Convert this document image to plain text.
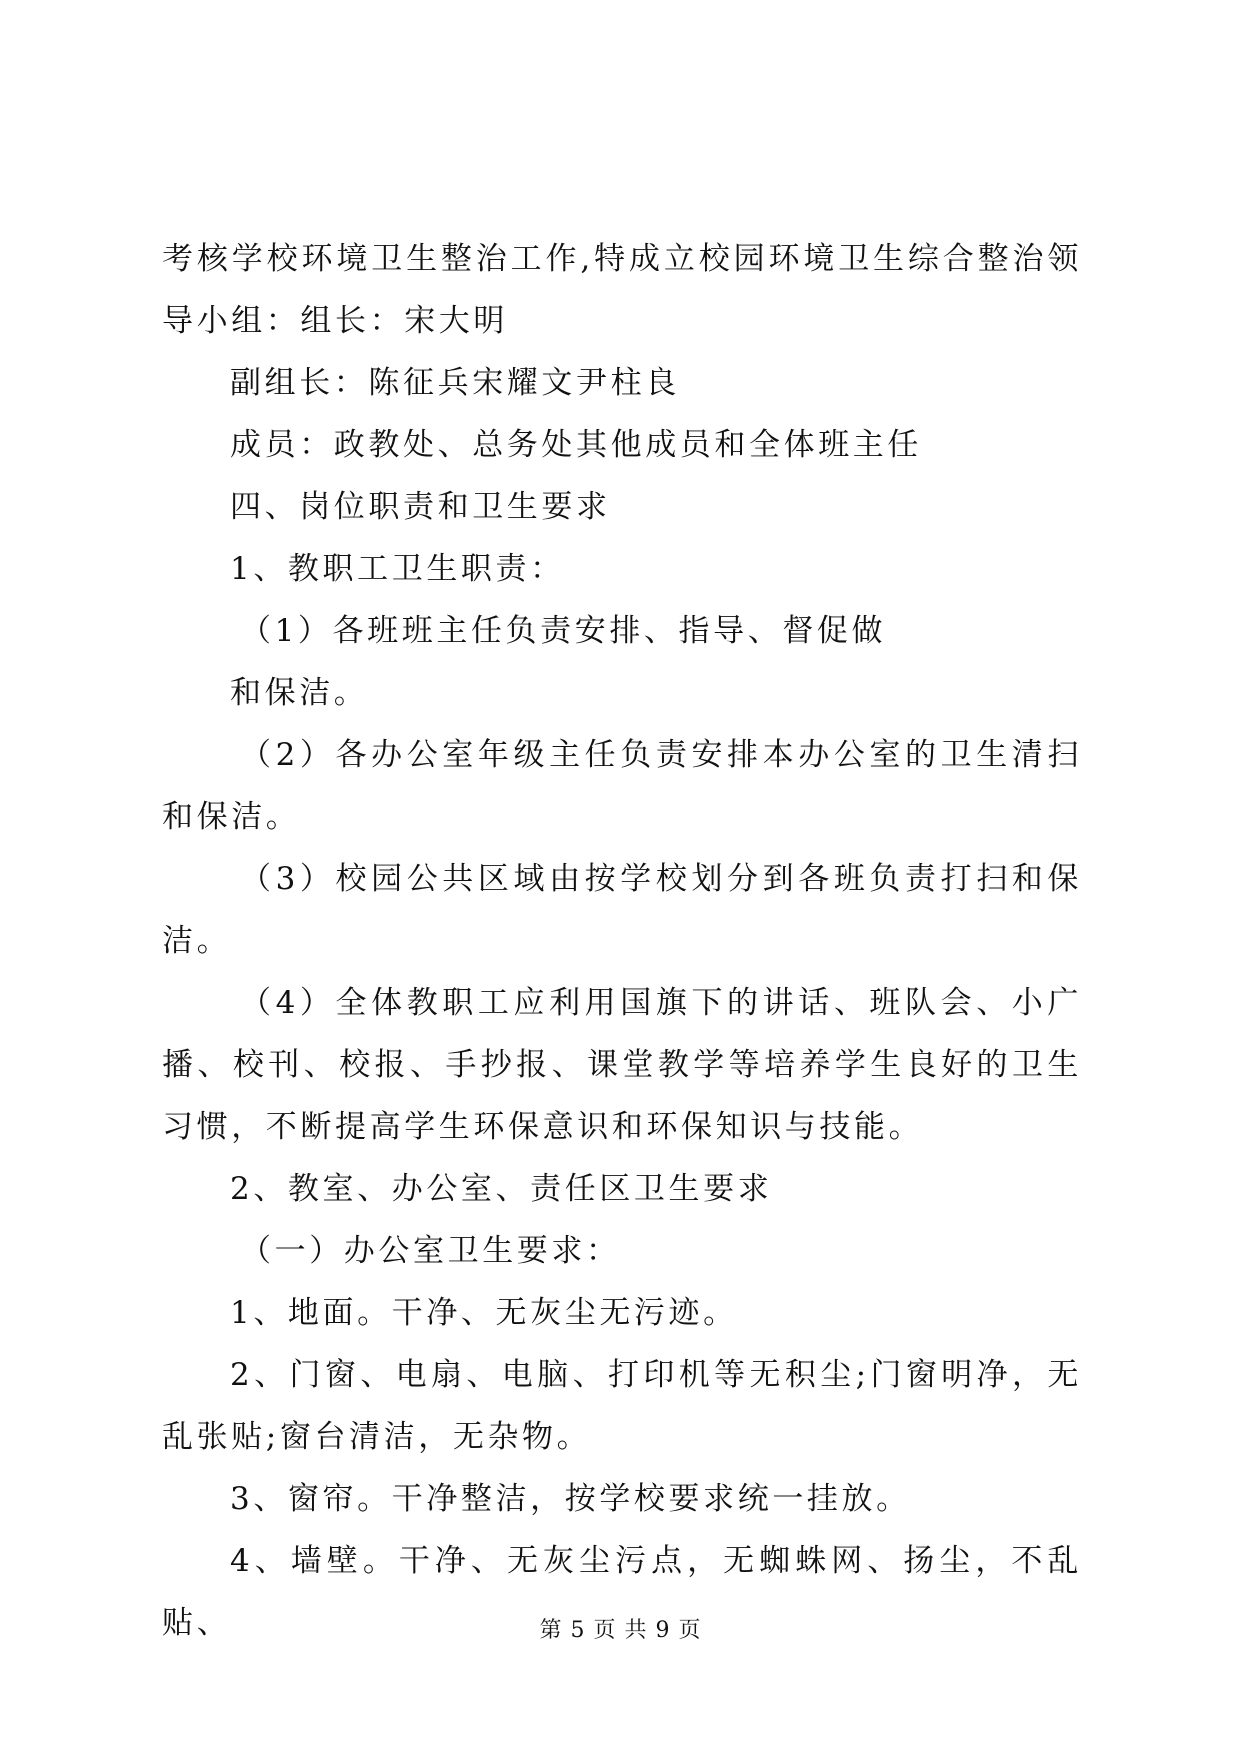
考核学校环境卫生整治工作,特成立校园环境卫生综合整治领导小组：组长：宋大明

副组长：陈征兵宋耀文尹柱良

成员：政教处、总务处其他成员和全体班主任

四、岗位职责和卫生要求

1、教职工卫生职责：

（1）各班班主任负责安排、指导、督促做

和保洁。

（2）各办公室年级主任负责安排本办公室的卫生清扫和保洁。

（3）校园公共区域由按学校划分到各班负责打扫和保洁。

（4）全体教职工应利用国旗下的讲话、班队会、小广播、校刊、校报、手抄报、课堂教学等培养学生良好的卫生习惯，不断提高学生环保意识和环保知识与技能。

2、教室、办公室、责任区卫生要求

（一）办公室卫生要求：

1、地面。干净、无灰尘无污迹。

2、门窗、电扇、电脑、打印机等无积尘;门窗明净，无乱张贴;窗台清洁，无杂物。

3、窗帘。干净整洁，按学校要求统一挂放。

4、墙壁。干净、无灰尘污点，无蜘蛛网、扬尘，不乱贴、	第 5 页 共 9 页
